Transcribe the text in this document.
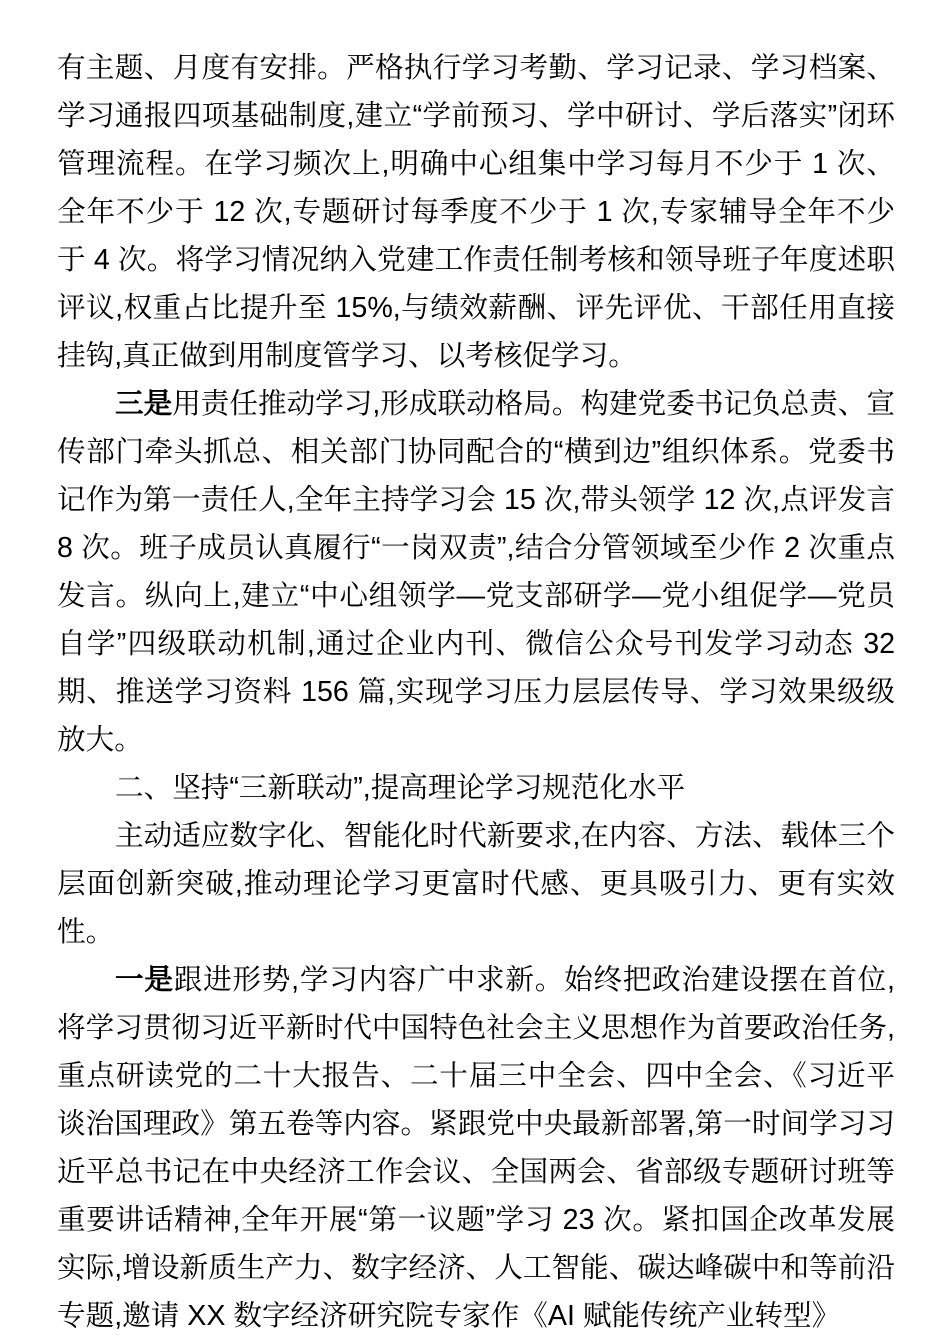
有主题、月度有安排。严格执行学习考勤、学习记录、学习档案、学习通报四项基础制度,建立“学前预习、学中研讨、学后落实”闭环管理流程。在学习频次上,明确中心组集中学习每月不少于 1 次、全年不少于 12 次,专题研讨每季度不少于 1 次,专家辅导全年不少于 4 次。将学习情况纳入党建工作责任制考核和领导班子年度述职评议,权重占比提升至 15%,与绩效薪酬、评先评优、干部任用直接挂钩,真正做到用制度管学习、以考核促学习。

三是用责任推动学习,形成联动格局。构建党委书记负总责、宣传部门牵头抓总、相关部门协同配合的“横到边”组织体系。党委书记作为第一责任人,全年主持学习会 15 次,带头领学 12 次,点评发言 8 次。班子成员认真履行“一岗双责”,结合分管领域至少作 2 次重点发言。纵向上,建立“中心组领学—党支部研学—党小组促学—党员自学”四级联动机制,通过企业内刊、微信公众号刊发学习动态 32 期、推送学习资料 156 篇,实现学习压力层层传导、学习效果级级放大。

二、坚持“三新联动”,提高理论学习规范化水平

主动适应数字化、智能化时代新要求,在内容、方法、载体三个层面创新突破,推动理论学习更富时代感、更具吸引力、更有实效性。

一是跟进形势,学习内容广中求新。始终把政治建设摆在首位,将学习贯彻习近平新时代中国特色社会主义思想作为首要政治任务,重点研读党的二十大报告、二十届三中全会、四中全会、《习近平谈治国理政》第五卷等内容。紧跟党中央最新部署,第一时间学习习近平总书记在中央经济工作会议、全国两会、省部级专题研讨班等重要讲话精神,全年开展“第一议题”学习 23 次。紧扣国企改革发展实际,增设新质生产力、数字经济、人工智能、碳达峰碳中和等前沿专题,邀请 XX 数字经济研究院专家作《AI 赋能传统产业转型》
